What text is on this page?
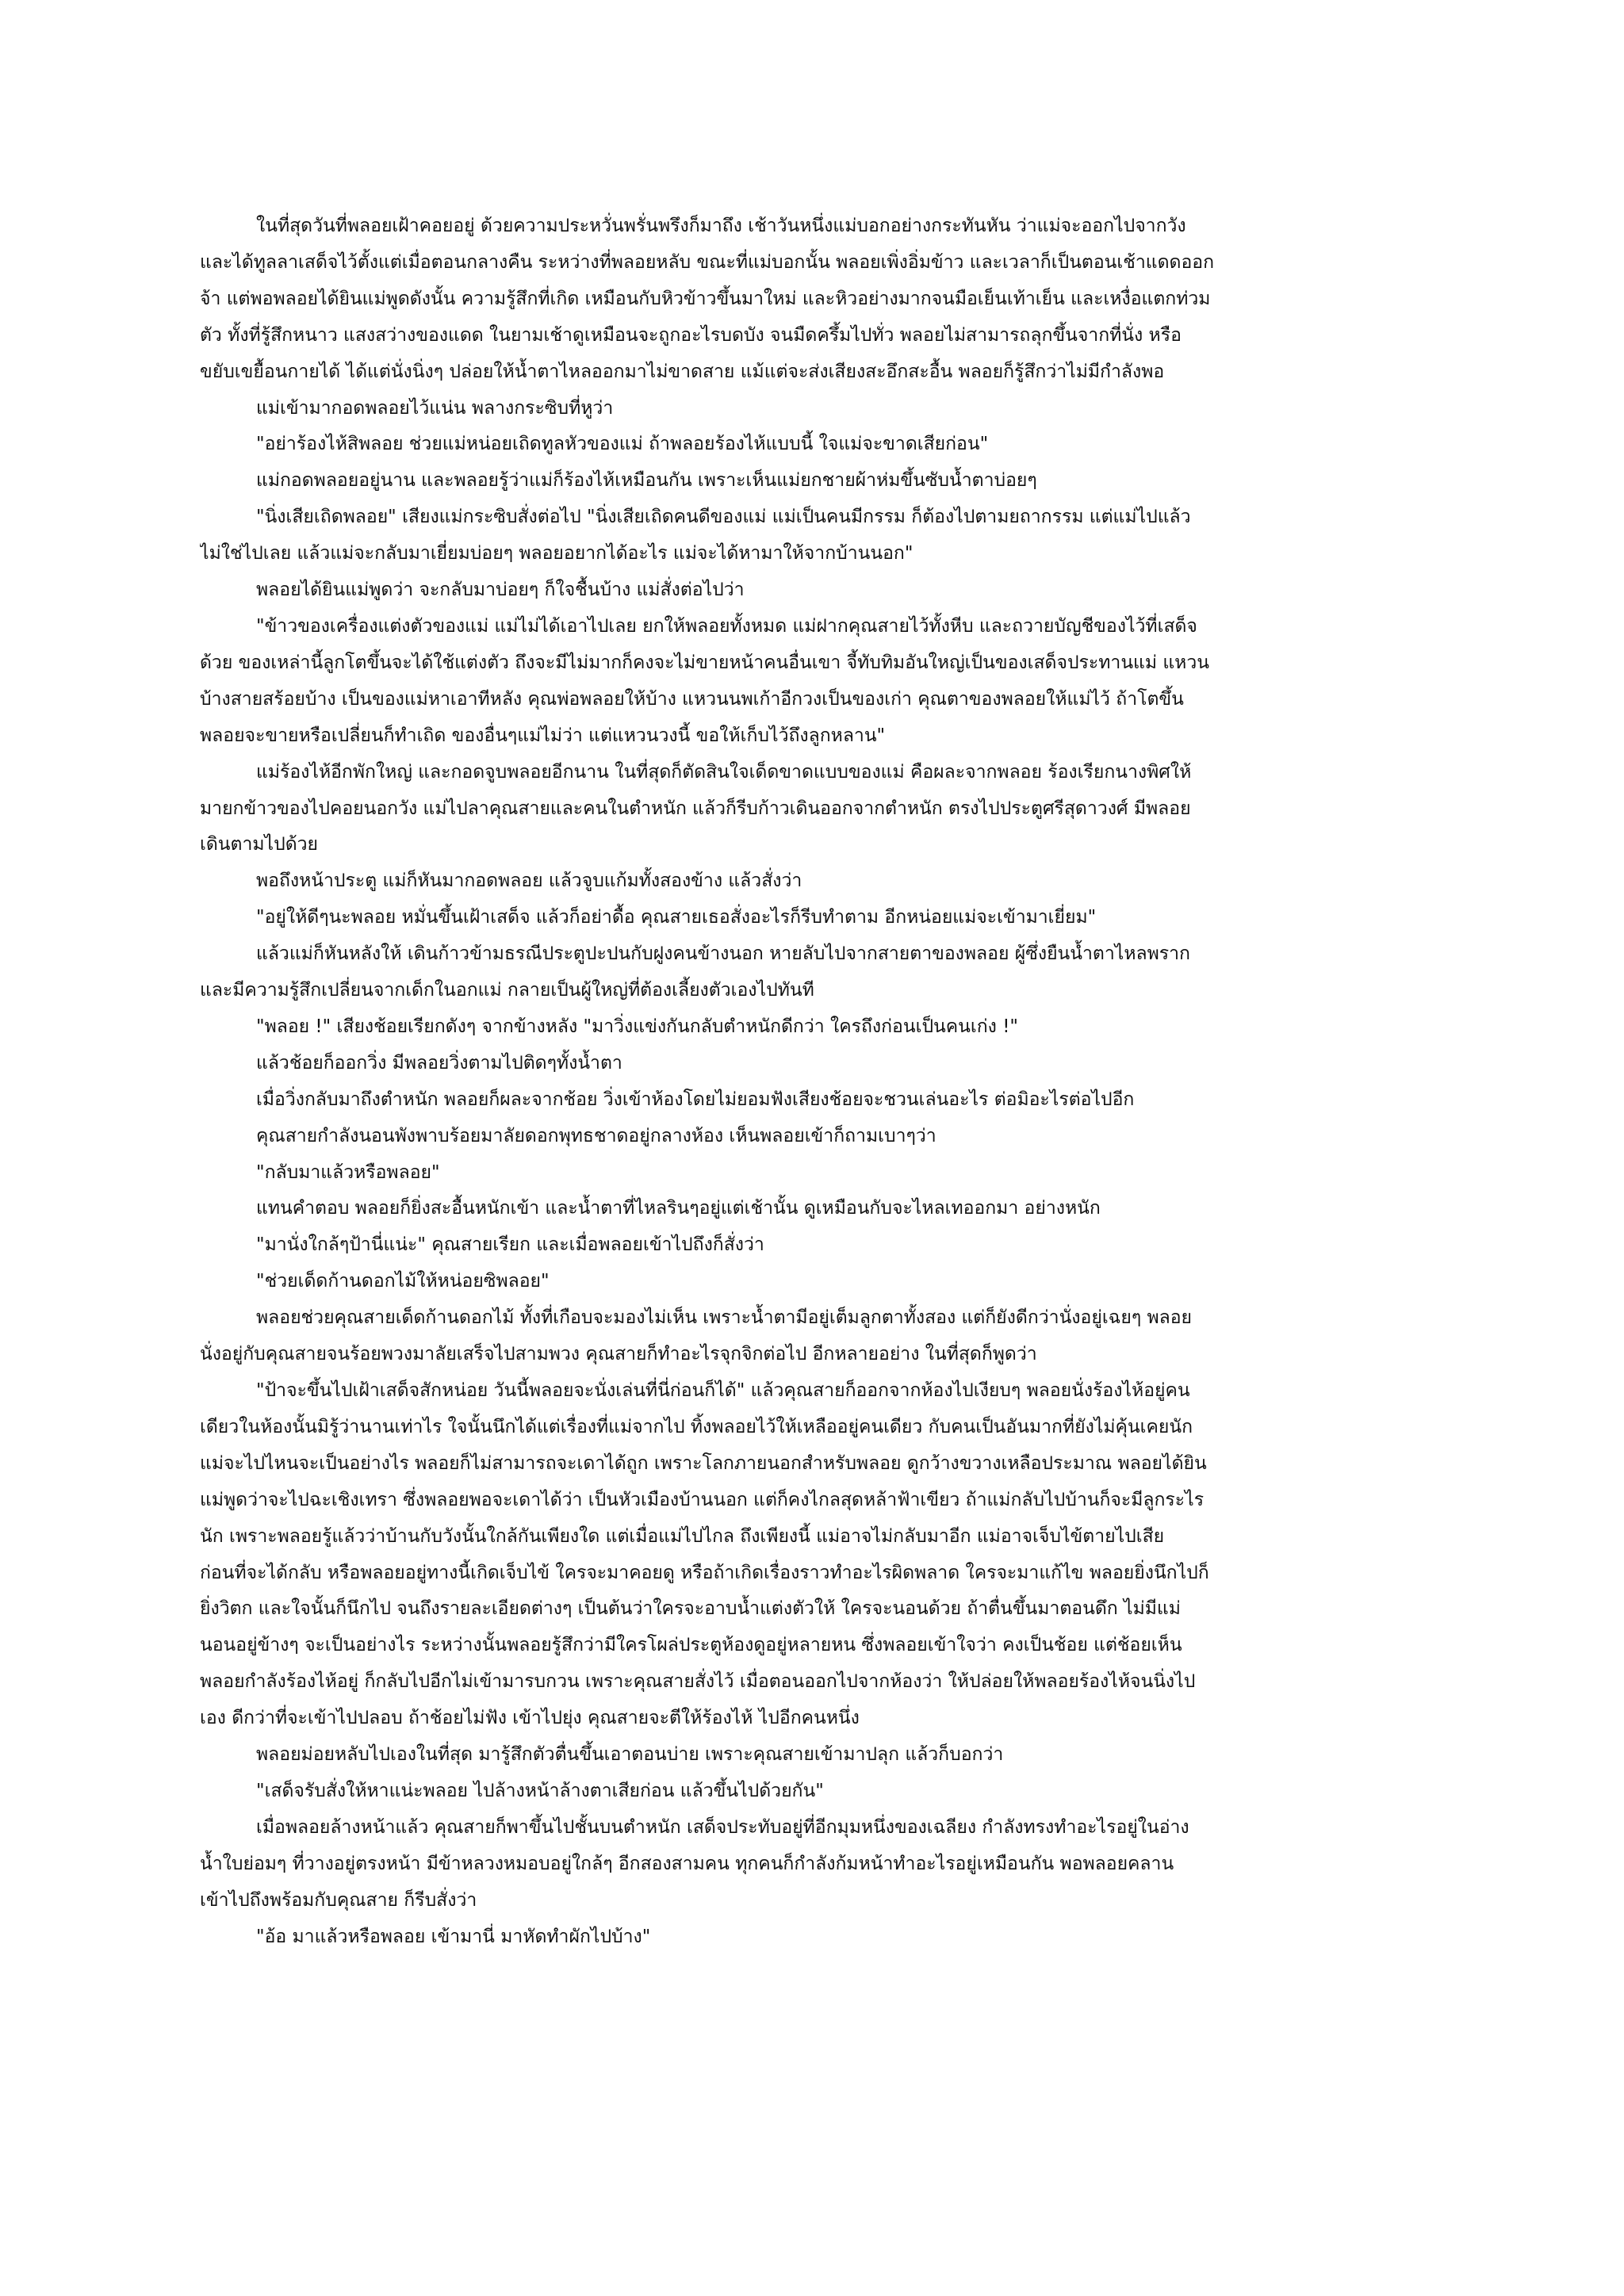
ในที่สุดวันที่พลอยเฝ้าคอยอยู่ ด้วยความประหวั่นพรั่นพรึงก็มาถึง เช้าวันหนึ่งแม่บอกอย่างกระทันหัน ว่าแม่จะออกไปจากวัง
และได้ทูลลาเสด็จไว้ตั้งแต่เมื่อตอนกลางคืน ระหว่างที่พลอยหลับ ขณะที่แม่บอกนั้น พลอยเพิ่งอิ่มข้าว และเวลาก็เป็นตอนเช้าแดดออก
จ้า แต่พอพลอยได้ยินแม่พูดดังนั้น ความรู้สึกที่เกิด เหมือนกับหิวข้าวขึ้นมาใหม่ และหิวอย่างมากจนมือเย็นเท้าเย็น และเหงื่อแตกท่วม
ตัว ทั้งที่รู้สึกหนาว แสงสว่างของแดด ในยามเช้าดูเหมือนจะถูกอะไรบดบัง จนมืดครึ้มไปทั่ว พลอยไม่สามารถลุกขึ้นจากที่นั่ง หรือ
ขยับเขยื้อนกายได้ ได้แต่นั่งนิ่งๆ ปล่อยให้น้ำตาไหลออกมาไม่ขาดสาย แม้แต่จะส่งเสียงสะอึกสะอื้น พลอยก็รู้สึกว่าไม่มีกำลังพอ
แม่เข้ามากอดพลอยไว้แน่น พลางกระซิบที่หูว่า
"อย่าร้องไห้สิพลอย ช่วยแม่หน่อยเถิดทูลหัวของแม่ ถ้าพลอยร้องไห้แบบนี้ ใจแม่จะขาดเสียก่อน"
แม่กอดพลอยอยู่นาน และพลอยรู้ว่าแม่ก็ร้องไห้เหมือนกัน เพราะเห็นแม่ยกชายผ้าห่มขึ้นซับน้ำตาบ่อยๆ
"นิ่งเสียเถิดพลอย" เสียงแม่กระซิบสั่งต่อไป "นิ่งเสียเถิดคนดีของแม่ แม่เป็นคนมีกรรม ก็ต้องไปตามยถากรรม แต่แม่ไปแล้ว
ไม่ใช่ไปเลย แล้วแม่จะกลับมาเยี่ยมบ่อยๆ พลอยอยากได้อะไร แม่จะได้หามาให้จากบ้านนอก"
พลอยได้ยินแม่พูดว่า จะกลับมาบ่อยๆ ก็ใจชื้นบ้าง แม่สั่งต่อไปว่า
"ข้าวของเครื่องแต่งตัวของแม่ แม่ไม่ได้เอาไปเลย ยกให้พลอยทั้งหมด แม่ฝากคุณสายไว้ทั้งหีบ และถวายบัญชีของไว้ที่เสด็จ
ด้วย ของเหล่านี้ลูกโตขึ้นจะได้ใช้แต่งตัว ถึงจะมีไม่มากก็คงจะไม่ขายหน้าคนอื่นเขา จี้ทับทิมอันใหญ่เป็นของเสด็จประทานแม่ แหวน
บ้างสายสร้อยบ้าง เป็นของแม่หาเอาทีหลัง คุณพ่อพลอยให้บ้าง แหวนนพเก้าอีกวงเป็นของเก่า คุณตาของพลอยให้แม่ไว้ ถ้าโตขึ้น
พลอยจะขายหรือเปลี่ยนก็ทำเถิด ของอื่นๆแม่ไม่ว่า แต่แหวนวงนี้ ขอให้เก็บไว้ถึงลูกหลาน"
แม่ร้องไห้อีกพักใหญ่ และกอดจูบพลอยอีกนาน ในที่สุดก็ตัดสินใจเด็ดขาดแบบของแม่ คือผละจากพลอย ร้องเรียกนางพิศให้
มายกข้าวของไปคอยนอกวัง แม่ไปลาคุณสายและคนในตำหนัก แล้วก็รีบก้าวเดินออกจากตำหนัก ตรงไปประตูศรีสุดาวงศ์ มีพลอย
เดินตามไปด้วย
พอถึงหน้าประตู แม่ก็หันมากอดพลอย แล้วจูบแก้มทั้งสองข้าง แล้วสั่งว่า
"อยู่ให้ดีๆนะพลอย หมั่นขึ้นเฝ้าเสด็จ แล้วก็อย่าดื้อ คุณสายเธอสั่งอะไรก็รีบทำตาม อีกหน่อยแม่จะเข้ามาเยี่ยม"
แล้วแม่ก็หันหลังให้ เดินก้าวข้ามธรณีประตูปะปนกับฝูงคนข้างนอก หายลับไปจากสายตาของพลอย ผู้ซึ่งยืนน้ำตาไหลพราก
และมีความรู้สึกเปลี่ยนจากเด็กในอกแม่ กลายเป็นผู้ใหญ่ที่ต้องเลี้ยงตัวเองไปทันที
"พลอย !" เสียงช้อยเรียกดังๆ จากข้างหลัง "มาวิ่งแข่งกันกลับตำหนักดีกว่า ใครถึงก่อนเป็นคนเก่ง !"
แล้วช้อยก็ออกวิ่ง มีพลอยวิ่งตามไปติดๆทั้งน้ำตา
เมื่อวิ่งกลับมาถึงตำหนัก พลอยก็ผละจากช้อย วิ่งเข้าห้องโดยไม่ยอมฟังเสียงช้อยจะชวนเล่นอะไร ต่อมิอะไรต่อไปอีก
คุณสายกำลังนอนพังพาบร้อยมาลัยดอกพุทธชาดอยู่กลางห้อง เห็นพลอยเข้าก็ถามเบาๆว่า
"กลับมาแล้วหรือพลอย"
แทนคำตอบ พลอยก็ยิ่งสะอื้นหนักเข้า และน้ำตาที่ไหลรินๆอยู่แต่เช้านั้น ดูเหมือนกับจะไหลเทออกมา อย่างหนัก
"มานั่งใกล้ๆป้านี่แน่ะ" คุณสายเรียก และเมื่อพลอยเข้าไปถึงก็สั่งว่า
"ช่วยเด็ดก้านดอกไม้ให้หน่อยซิพลอย"
พลอยช่วยคุณสายเด็ดก้านดอกไม้ ทั้งที่เกือบจะมองไม่เห็น เพราะน้ำตามีอยู่เต็มลูกตาทั้งสอง แต่ก็ยังดีกว่านั่งอยู่เฉยๆ พลอย
นั่งอยู่กับคุณสายจนร้อยพวงมาลัยเสร็จไปสามพวง คุณสายก็ทำอะไรจุกจิกต่อไป อีกหลายอย่าง ในที่สุดก็พูดว่า
"ป้าจะขึ้นไปเฝ้าเสด็จสักหน่อย วันนี้พลอยจะนั่งเล่นที่นี่ก่อนก็ได้" แล้วคุณสายก็ออกจากห้องไปเงียบๆ พลอยนั่งร้องไห้อยู่คน
เดียวในห้องนั้นมิรู้ว่านานเท่าไร ใจนั้นนึกได้แต่เรื่องที่แม่จากไป ทิ้งพลอยไว้ให้เหลืออยู่คนเดียว กับคนเป็นอันมากที่ยังไม่คุ้นเคยนัก
แม่จะไปไหนจะเป็นอย่างไร พลอยก็ไม่สามารถจะเดาได้ถูก เพราะโลกภายนอกสำหรับพลอย ดูกว้างขวางเหลือประมาณ พลอยได้ยิน
แม่พูดว่าจะไปฉะเชิงเทรา ซึ่งพลอยพอจะเดาได้ว่า เป็นหัวเมืองบ้านนอก แต่ก็คงไกลสุดหล้าฟ้าเขียว ถ้าแม่กลับไปบ้านก็จะมีลูกระไร
นัก เพราะพลอยรู้แล้วว่าบ้านกับวังนั้นใกล้กันเพียงใด แต่เมื่อแม่ไปไกล ถึงเพียงนี้ แม่อาจไม่กลับมาอีก แม่อาจเจ็บไข้ตายไปเสีย
ก่อนที่จะได้กลับ หรือพลอยอยู่ทางนี้เกิดเจ็บไข้ ใครจะมาคอยดู หรือถ้าเกิดเรื่องราวทำอะไรผิดพลาด ใครจะมาแก้ไข พลอยยิ่งนึกไปก็
ยิ่งวิตก และใจนั้นก็นึกไป จนถึงรายละเอียดต่างๆ เป็นต้นว่าใครจะอาบน้ำแต่งตัวให้ ใครจะนอนด้วย ถ้าตื่นขึ้นมาตอนดึก ไม่มีแม่
นอนอยู่ข้างๆ จะเป็นอย่างไร ระหว่างนั้นพลอยรู้สึกว่ามีใครโผล่ประตูห้องดูอยู่หลายหน ซึ่งพลอยเข้าใจว่า คงเป็นช้อย แต่ช้อยเห็น
พลอยกำลังร้องไห้อยู่ ก็กลับไปอีกไม่เข้ามารบกวน เพราะคุณสายสั่งไว้ เมื่อตอนออกไปจากห้องว่า ให้ปล่อยให้พลอยร้องไห้จนนิ่งไป
เอง ดีกว่าที่จะเข้าไปปลอบ ถ้าช้อยไม่ฟัง เข้าไปยุ่ง คุณสายจะตีให้ร้องไห้ ไปอีกคนหนึ่ง
พลอยม่อยหลับไปเองในที่สุด มารู้สึกตัวตื่นขึ้นเอาตอนบ่าย เพราะคุณสายเข้ามาปลุก แล้วก็บอกว่า
"เสด็จรับสั่งให้หาแน่ะพลอย ไปล้างหน้าล้างตาเสียก่อน แล้วขึ้นไปด้วยกัน"
เมื่อพลอยล้างหน้าแล้ว คุณสายก็พาขึ้นไปชั้นบนตำหนัก เสด็จประทับอยู่ที่อีกมุมหนึ่งของเฉลียง กำลังทรงทำอะไรอยู่ในอ่าง
น้ำใบย่อมๆ ที่วางอยู่ตรงหน้า มีข้าหลวงหมอบอยู่ใกล้ๆ อีกสองสามคน ทุกคนก็กำลังก้มหน้าทำอะไรอยู่เหมือนกัน พอพลอยคลาน
เข้าไปถึงพร้อมกับคุณสาย ก็รีบสั่งว่า
"อ้อ มาแล้วหรือพลอย เข้ามานี่ มาหัดทำผักไปบ้าง"
